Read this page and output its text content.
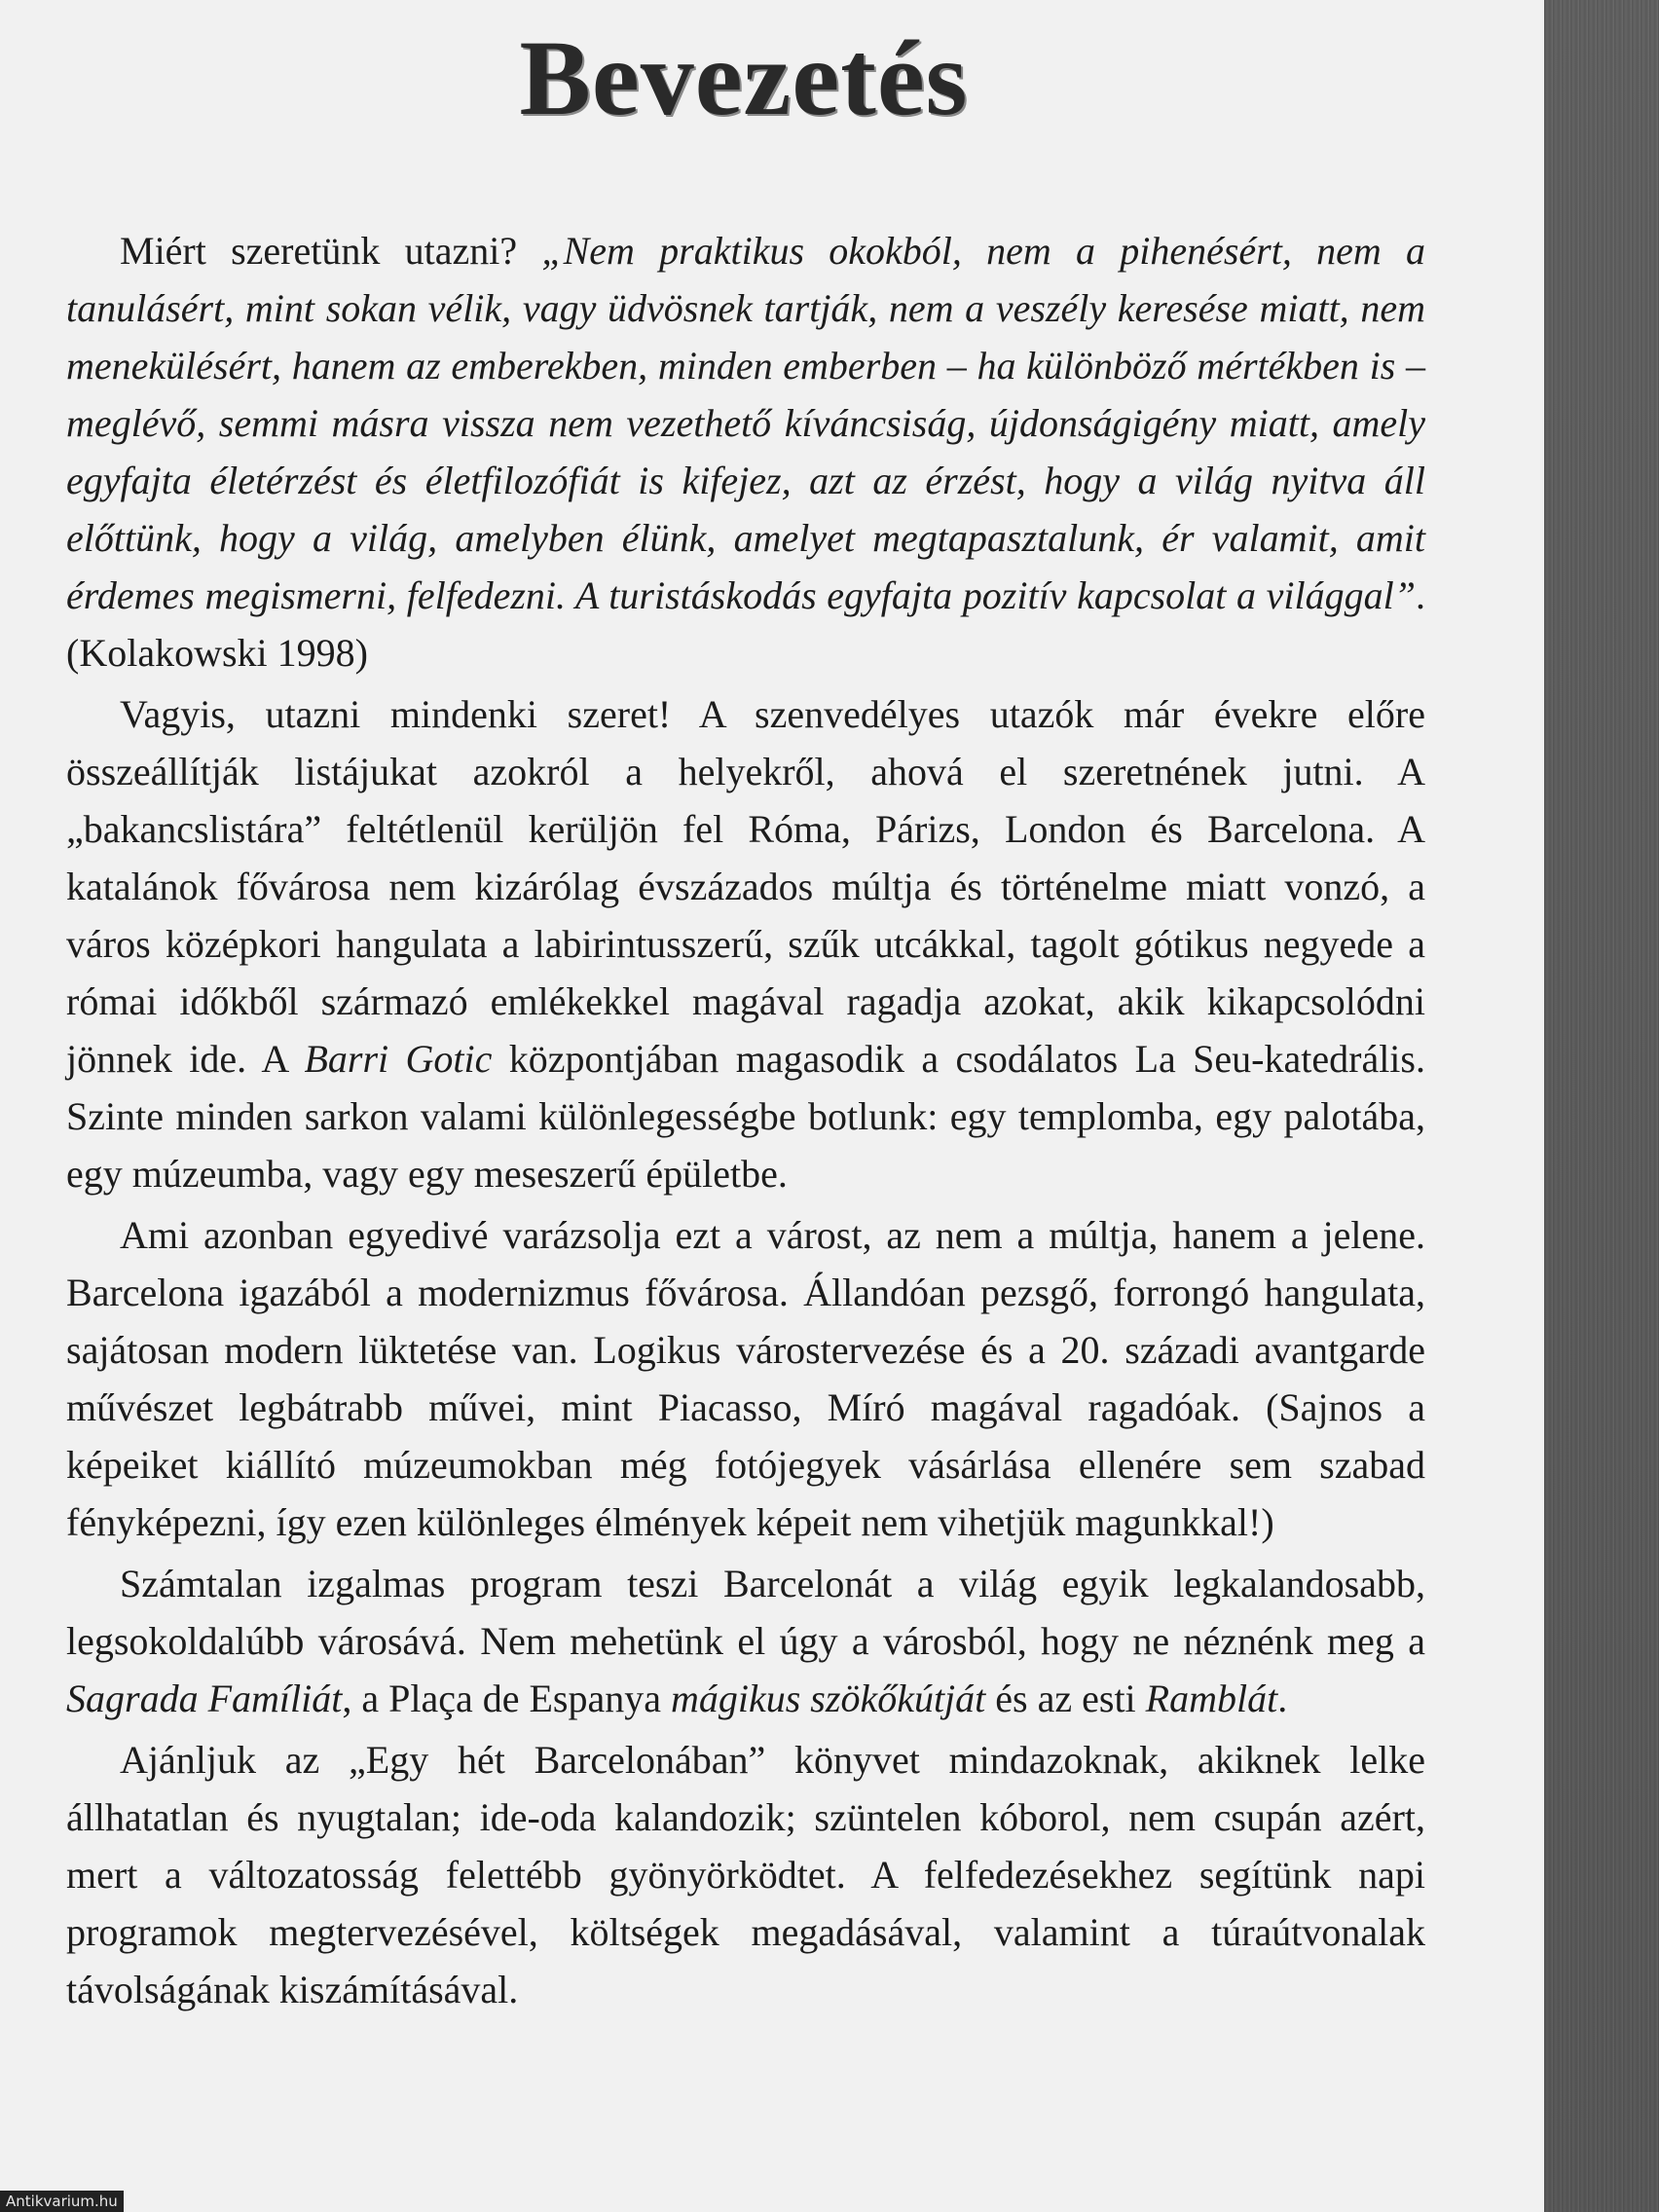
Bevezetés

Miért szeretünk utazni? „Nem praktikus okokból, nem a pihenésért, nem a tanulásért, mint sokan vélik, vagy üdvösnek tartják, nem a veszély keresése miatt, nem menekülésért, hanem az emberekben, minden emberben – ha különböző mértékben is – meglévő, semmi másra vissza nem vezethető kíváncsiság, újdonságigény miatt, amely egyfajta életérzést és életfilozófiát is kifejez, azt az érzést, hogy a világ nyitva áll előttünk, hogy a világ, amelyben élünk, amelyet megtapasztalunk, ér valamit, amit érdemes megismerni, felfedezni. A turistáskodás egyfajta pozitív kapcsolat a világgal”. (Kolakowski 1998)

Vagyis, utazni mindenki szeret! A szenvedélyes utazók már évekre előre összeállítják listájukat azokról a helyekről, ahová el szeretnének jutni. A „bakancslistára” feltétlenül kerüljön fel Róma, Párizs, London és Barcelona. A katalánok fővárosa nem kizárólag évszázados múltja és történelme miatt vonzó, a város középkori hangulata a labirintusszerű, szűk utcákkal, tagolt gótikus negyede a római időkből származó emlékekkel magával ragadja azokat, akik kikapcsolódni jönnek ide. A Barri Gotic központjában magasodik a csodálatos La Seu-katedrális. Szinte minden sarkon valami különlegességbe botlunk: egy templomba, egy palotába, egy múzeumba, vagy egy meseszerű épületbe.

Ami azonban egyedivé varázsolja ezt a várost, az nem a múltja, hanem a jelene. Barcelona igazából a modernizmus fővárosa. Állandóan pezsgő, forrongó hangulata, sajátosan modern lüktetése van. Logikus várostervezése és a 20. századi avantgarde művészet legbátrabb művei, mint Piacasso, Míró magával ragadóak. (Sajnos a képeiket kiállító múzeumokban még fotójegyek vásárlása ellenére sem szabad fényképezni, így ezen különleges élmények képeit nem vihetjük magunkkal!)

Számtalan izgalmas program teszi Barcelonát a világ egyik legkalandosabb, legsokoldalúbb városává. Nem mehetünk el úgy a városból, hogy ne néznénk meg a Sagrada Famíliát, a Plaça de Espanya mágikus szökőkútját és az esti Ramblát.

Ajánljuk az „Egy hét Barcelonában” könyvet mindazoknak, akiknek lelke állhatatlan és nyugtalan; ide-oda kalandozik; szüntelen kóborol, nem csupán azért, mert a változatosság felettébb gyönyörködtet. A felfedezésekhez segítünk napi programok megtervezésével, költségek megadásával, valamint a túraútvonalak távolságának kiszámításával.

Antikvarium.hu
